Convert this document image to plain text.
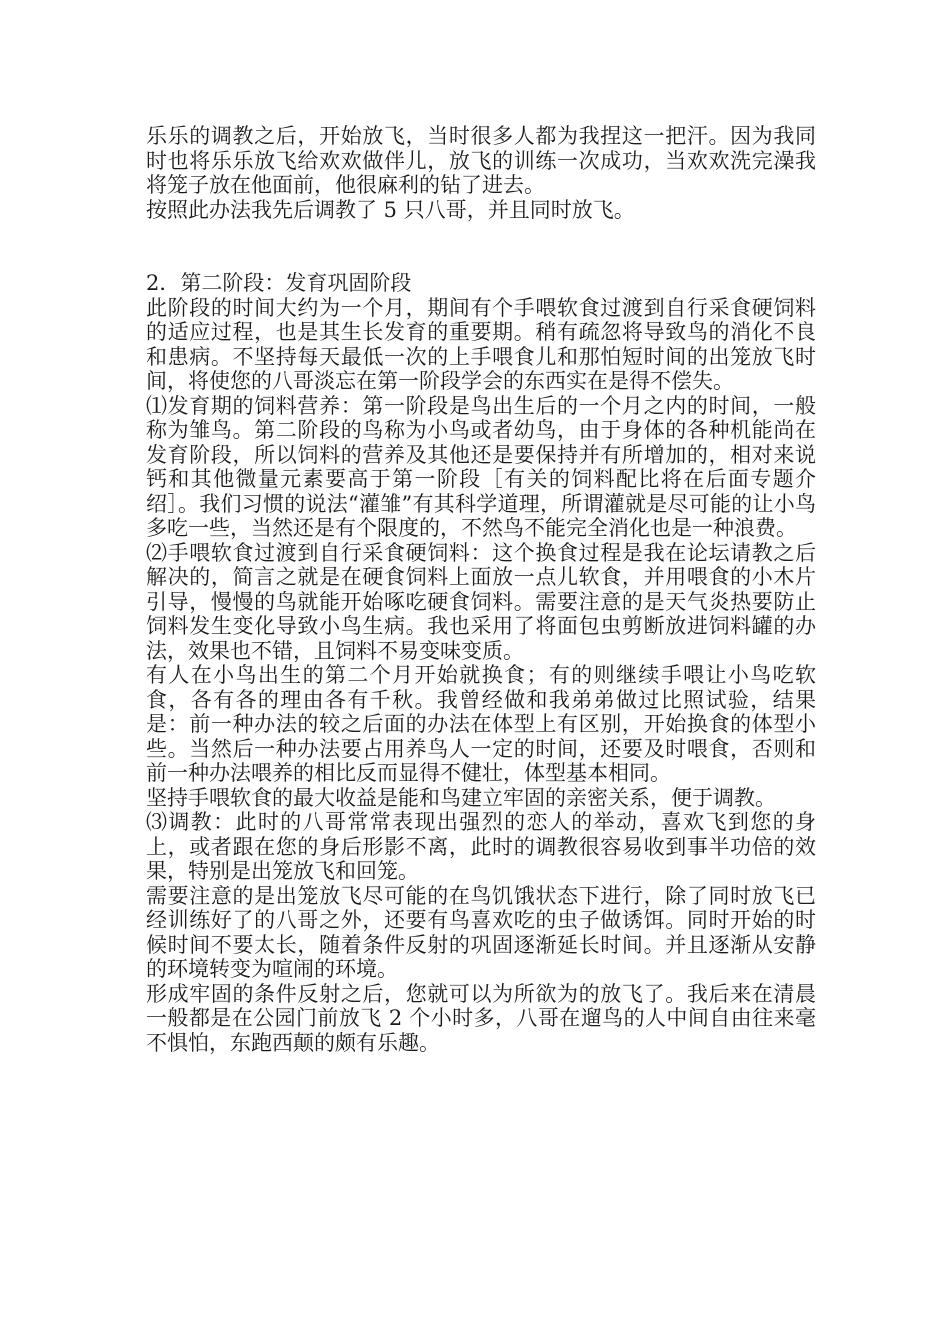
乐乐的调教之后，开始放飞，当时很多人都为我捏这一把汗。因为我同时也将乐乐放飞给欢欢做伴儿，放飞的训练一次成功，当欢欢洗完澡我将笼子放在他面前，他很麻利的钻了进去。

按照此办法我先后调教了 5 只八哥，并且同时放飞。

2．第二阶段：发育巩固阶段

此阶段的时间大约为一个月，期间有个手喂软食过渡到自行采食硬饲料的适应过程，也是其生长发育的重要期。稍有疏忽将导致鸟的消化不良和患病。不坚持每天最低一次的上手喂食儿和那怕短时间的出笼放飞时间，将使您的八哥淡忘在第一阶段学会的东西实在是得不偿失。

⑴发育期的饲料营养：第一阶段是鸟出生后的一个月之内的时间，一般称为雏鸟。第二阶段的鸟称为小鸟或者幼鸟，由于身体的各种机能尚在发育阶段，所以饲料的营养及其他还是要保持并有所增加的，相对来说钙和其他微量元素要高于第一阶段［有关的饲料配比将在后面专题介绍］。我们习惯的说法“灌雏”有其科学道理，所谓灌就是尽可能的让小鸟多吃一些，当然还是有个限度的，不然鸟不能完全消化也是一种浪费。

⑵手喂软食过渡到自行采食硬饲料：这个换食过程是我在论坛请教之后解决的，简言之就是在硬食饲料上面放一点儿软食，并用喂食的小木片引导，慢慢的鸟就能开始啄吃硬食饲料。需要注意的是天气炎热要防止饲料发生变化导致小鸟生病。我也采用了将面包虫剪断放进饲料罐的办法，效果也不错，且饲料不易变味变质。

有人在小鸟出生的第二个月开始就换食；有的则继续手喂让小鸟吃软食，各有各的理由各有千秋。我曾经做和我弟弟做过比照试验，结果是：前一种办法的较之后面的办法在体型上有区别，开始换食的体型小些。当然后一种办法要占用养鸟人一定的时间，还要及时喂食，否则和前一种办法喂养的相比反而显得不健壮，体型基本相同。

坚持手喂软食的最大收益是能和鸟建立牢固的亲密关系，便于调教。

⑶调教：此时的八哥常常表现出强烈的恋人的举动，喜欢飞到您的身上，或者跟在您的身后形影不离，此时的调教很容易收到事半功倍的效果，特别是出笼放飞和回笼。

需要注意的是出笼放飞尽可能的在鸟饥饿状态下进行，除了同时放飞已经训练好了的八哥之外，还要有鸟喜欢吃的虫子做诱饵。同时开始的时候时间不要太长，随着条件反射的巩固逐渐延长时间。并且逐渐从安静的环境转变为喧闹的环境。

形成牢固的条件反射之后，您就可以为所欲为的放飞了。我后来在清晨一般都是在公园门前放飞 2 个小时多，八哥在遛鸟的人中间自由往来毫不惧怕，东跑西颠的颇有乐趣。
